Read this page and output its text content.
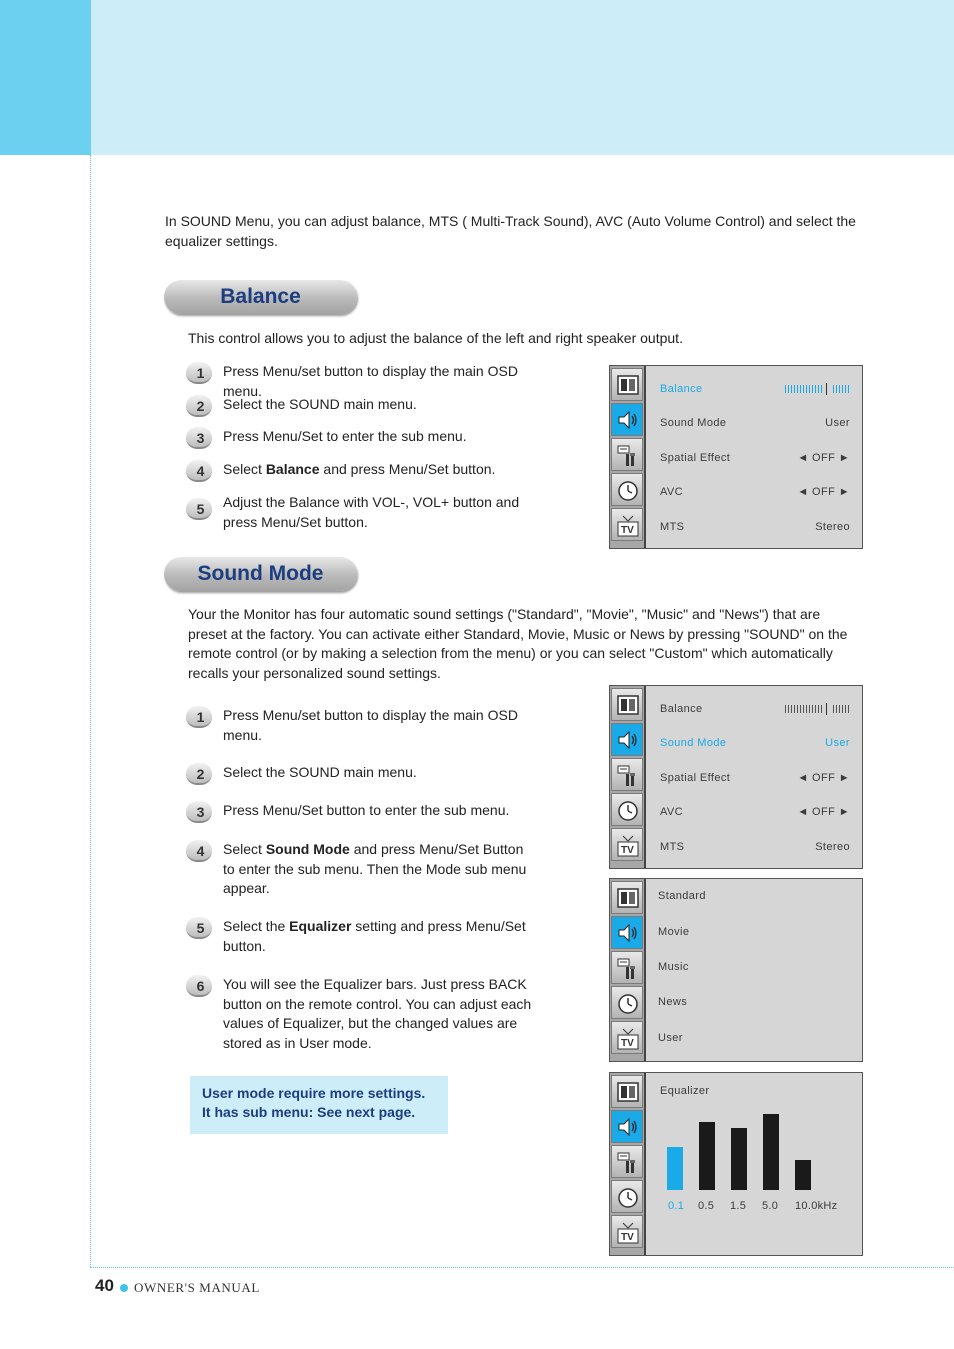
In SOUND Menu, you can adjust balance, MTS ( Multi-Track Sound), AVC (Auto Volume Control) and select the equalizer settings.
Balance
This control allows you to adjust the balance of the left and right speaker output.
1	Press Menu/set button to display the main OSD menu.
2	Select the SOUND main menu.
3	Press Menu/Set to enter the sub menu.
4	Select Balance and press Menu/Set button.
5	Adjust the Balance with VOL-, VOL+ button and press Menu/Set button.
TV
Balance
Sound Mode	User
Spatial Effect	◄ OFF ►
AVC	◄ OFF ►
MTS	Stereo
Sound Mode
Your the Monitor has four automatic sound settings ("Standard", "Movie", "Music" and "News") that are preset at the factory. You can activate either Standard, Movie, Music or News by pressing "SOUND" on the remote control (or by making a selection from the menu) or you can select "Custom" which automatically recalls your personalized sound settings.
1	Press Menu/set button to display the main OSD menu.
2	Select the SOUND main menu.
3	Press Menu/Set button to enter the sub menu.
4	Select Sound Mode and press Menu/Set Button to enter the sub menu. Then the Mode sub menu appear.
5	Select the Equalizer setting and press Menu/Set button.
6	You will see the Equalizer bars. Just press BACK button on the remote control. You can adjust each values of Equalizer, but the changed values are stored as in User mode.
User mode require more settings.
It has sub menu: See next page.
TV
Balance
Sound Mode	User
Spatial Effect	◄ OFF ►
AVC	◄ OFF ►
MTS	Stereo
TV
Standard
Movie
Music
News
User
TV
Equalizer
0.1 0.5 1.5 5.0 10.0kHz
40 OWNER'S MANUAL
